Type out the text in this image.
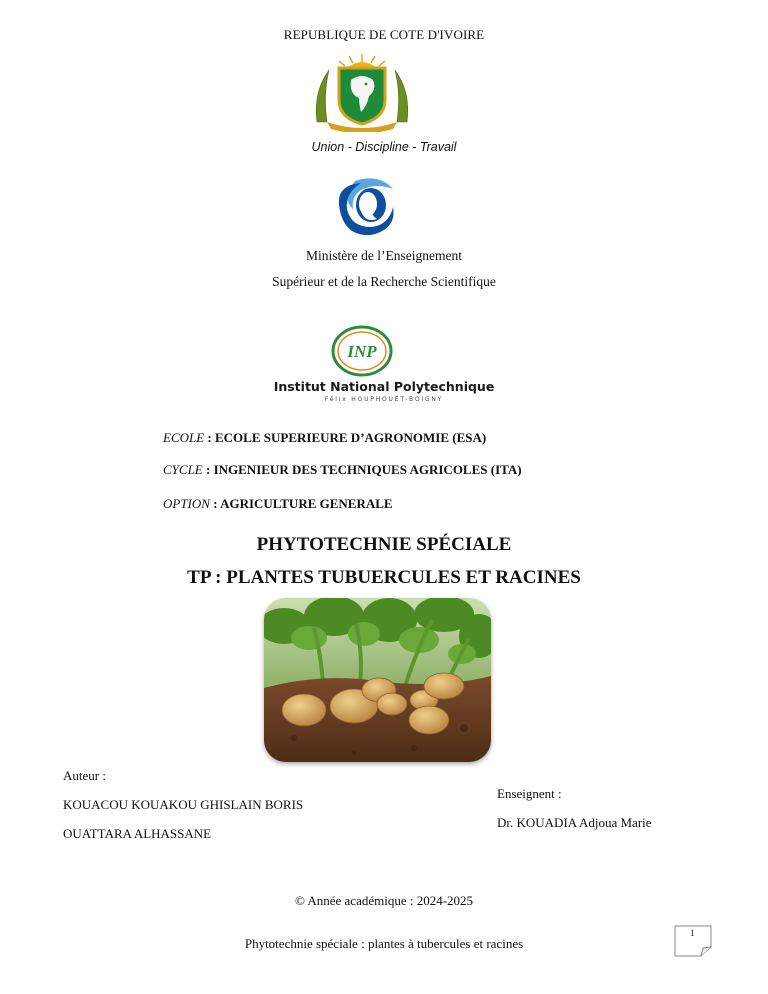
REPUBLIQUE DE COTE D'IVOIRE
Union - Discipline - Travail
Ministère de l’Enseignement
Supérieur et de la Recherche Scientifique
INP
Institut National Polytechnique
Félix HOUPHOUËT-BOIGNY
ECOLE : ECOLE SUPERIEURE D’AGRONOMIE (ESA)
CYCLE : INGENIEUR DES TECHNIQUES AGRICOLES (ITA)
OPTION : AGRICULTURE GENERALE
PHYTOTECHNIE SPÉCIALE
TP : PLANTES TUBUERCULES ET RACINES
Auteur :
KOUACOU KOUAKOU GHISLAIN BORIS
OUATTARA ALHASSANE
Enseignent :
Dr. KOUADIA Adjoua Marie
© Année académique : 2024-2025
Phytotechnie spéciale : plantes à tubercules et racines
1
